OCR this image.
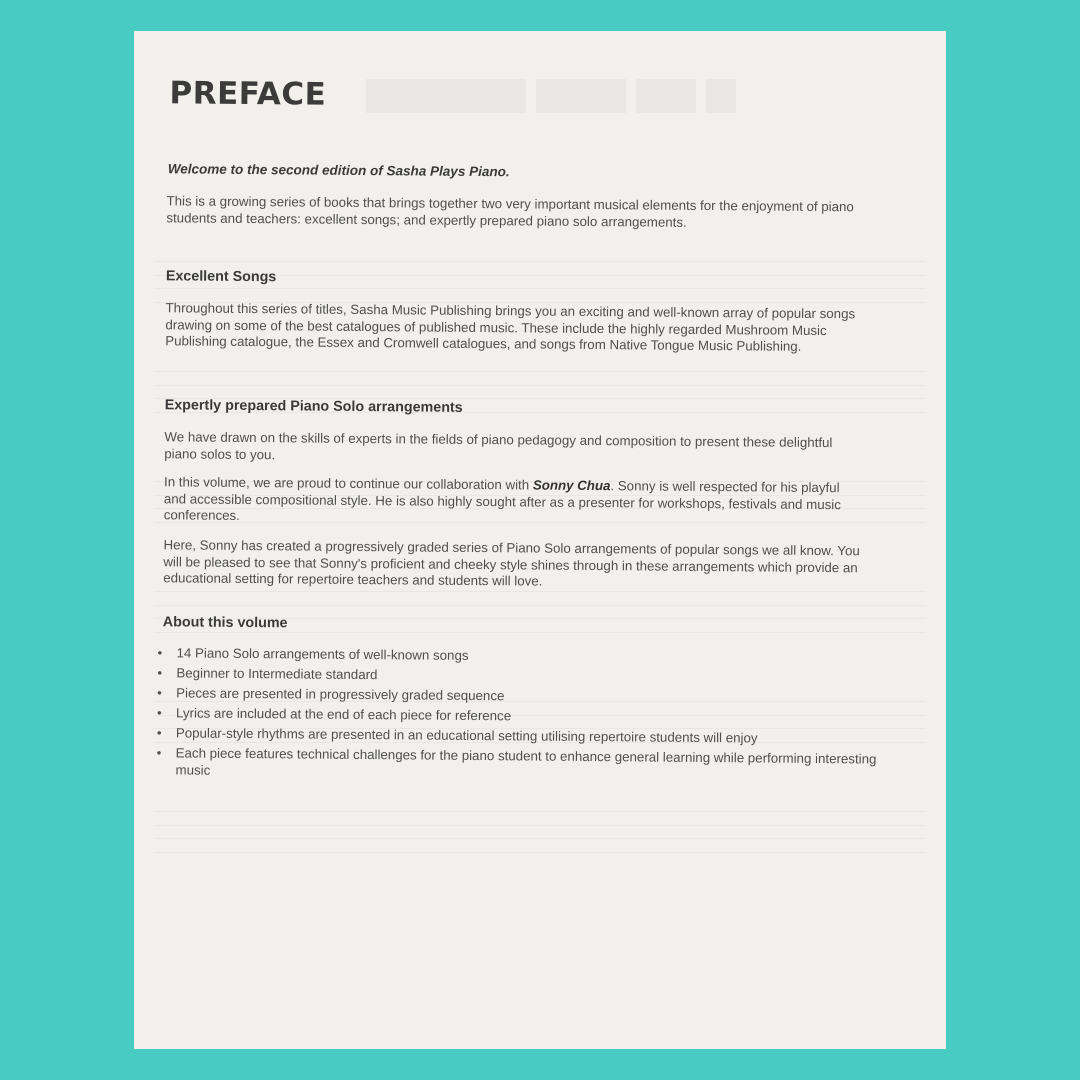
PREFACE
Welcome to the second edition of Sasha Plays Piano.

This is a growing series of books that brings together two very important musical elements for the enjoyment of piano students and teachers: excellent songs; and expertly prepared piano solo arrangements.

Excellent Songs

Throughout this series of titles, Sasha Music Publishing brings you an exciting and well-known array of popular songs drawing on some of the best catalogues of published music. These include the highly regarded Mushroom Music Publishing catalogue, the Essex and Cromwell catalogues, and songs from Native Tongue Music Publishing.

Expertly prepared Piano Solo arrangements

We have drawn on the skills of experts in the fields of piano pedagogy and composition to present these delightful piano solos to you.

In this volume, we are proud to continue our collaboration with Sonny Chua. Sonny is well respected for his playful and accessible compositional style. He is also highly sought after as a presenter for workshops, festivals and music conferences.

Here, Sonny has created a progressively graded series of Piano Solo arrangements of popular songs we all know. You will be pleased to see that Sonny's proficient and cheeky style shines through in these arrangements which provide an educational setting for repertoire teachers and students will love.

About this volume
• 14 Piano Solo arrangements of well-known songs
• Beginner to Intermediate standard
• Pieces are presented in progressively graded sequence
• Lyrics are included at the end of each piece for reference
• Popular-style rhythms are presented in an educational setting utilising repertoire students will enjoy
• Each piece features technical challenges for the piano student to enhance general learning while performing interesting music
